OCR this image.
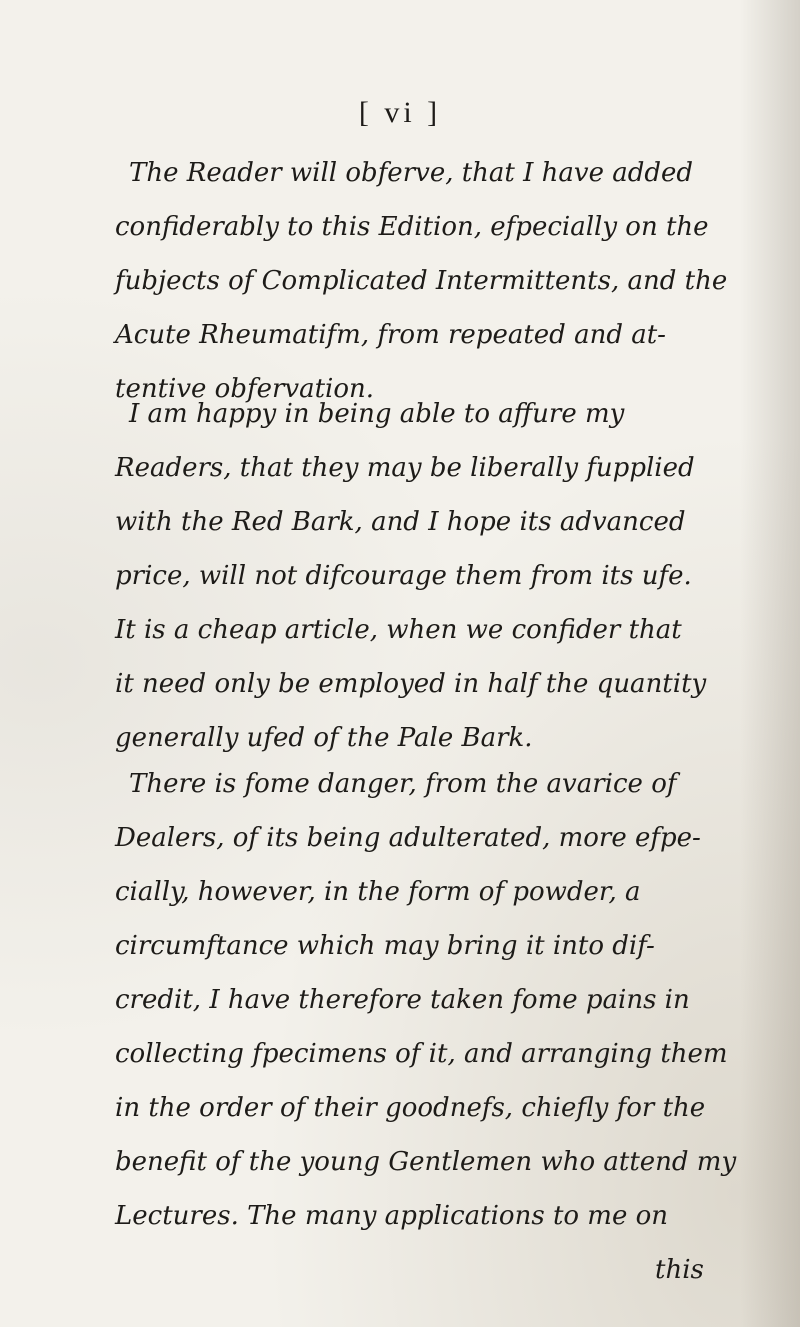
[ vi ]
The Reader will obferve, that I have added
confiderably to this Edition, efpecially on the
fubjects of Complicated Intermittents, and the
Acute Rheumatifm, from repeated and at-
tentive obfervation.
I am happy in being able to affure my
Readers, that they may be liberally fupplied
with the Red Bark, and I hope its advanced
price, will not difcourage them from its ufe.
It is a cheap article, when we confider that
it need only be employed in half the quantity
generally ufed of the Pale Bark.
There is fome danger, from the avarice of
Dealers, of its being adulterated, more efpe-
cially, however, in the form of powder, a
circumftance which may bring it into dif-
credit, I have therefore taken fome pains in
collecting fpecimens of it, and arranging them
in the order of their goodnefs, chiefly for the
benefit of the young Gentlemen who attend my
Lectures. The many applications to me on
this
